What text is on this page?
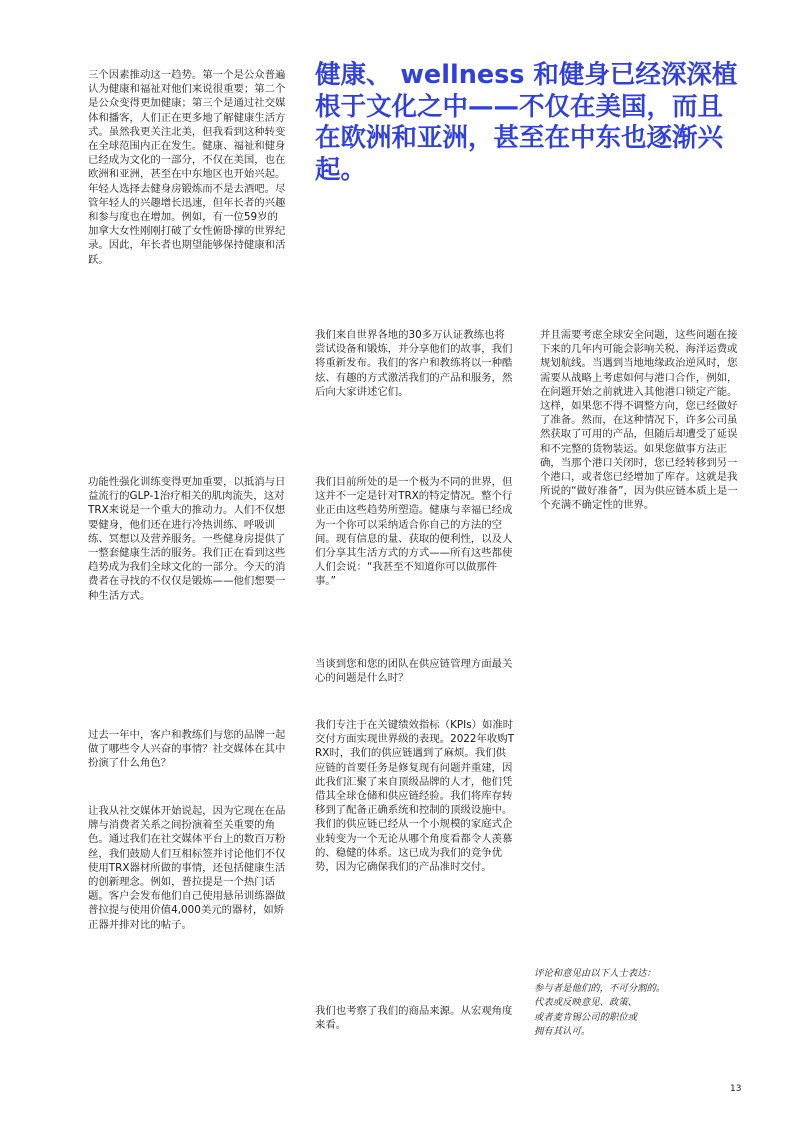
三个因素推动这一趋势。第一个是公众普遍认为健康和福祉对他们来说很重要；第二个是公众变得更加健康；第三个是通过社交媒体和播客，人们正在更多地了解健康生活方式。虽然我更关注北美，但我看到这种转变在全球范围内正在发生。健康、福祉和健身已经成为文化的一部分，不仅在美国，也在欧洲和亚洲，甚至在中东地区也开始兴起。年轻人选择去健身房锻炼而不是去酒吧。尽管年轻人的兴趣增长迅速，但年长者的兴趣和参与度也在增加。例如，有一位59岁的加拿大女性刚刚打破了女性俯卧撑的世界纪录。因此，年长者也期望能够保持健康和活跃。

功能性强化训练变得更加重要，以抵消与日益流行的GLP-1治疗相关的肌肉流失，这对TRX来说是一个重大的推动力。人们不仅想要健身，他们还在进行冷热训练、呼吸训练、冥想以及营养服务。一些健身房提供了一整套健康生活的服务。我们正在看到这些趋势成为我们全球文化的一部分。今天的消费者在寻找的不仅仅是锻炼——他们想要一种生活方式。

过去一年中，客户和教练们与您的品牌一起做了哪些令人兴奋的事情？社交媒体在其中扮演了什么角色？

让我从社交媒体开始说起，因为它现在在品牌与消费者关系之间扮演着至关重要的角色。通过我们在社交媒体平台上的数百万粉丝，我们鼓励人们互相标签并讨论他们不仅使用TRX器材所做的事情，还包括健康生活的创新理念。例如，普拉提是一个热门话题。客户会发布他们自己使用悬吊训练器做普拉提与使用价值4,000美元的器材，如矫正器并排对比的帖子。

健康、 wellness 和健身已经深深植根于文化之中——不仅在美国，而且在欧洲和亚洲，甚至在中东也逐渐兴起。

我们来自世界各地的30多万认证教练也将尝试设备和锻炼，并分享他们的故事，我们将重新发布。我们的客户和教练将以一种酷炫、有趣的方式激活我们的产品和服务，然后向大家讲述它们。

我们目前所处的是一个极为不同的世界，但这并不一定是针对TRX的特定情况。整个行业正由这些趋势所塑造。健康与幸福已经成为一个你可以采纳适合你自己的方法的空间。现有信息的量、获取的便利性，以及人们分享其生活方式的方式——所有这些都使人们会说：“我甚至不知道你可以做那件事。”

当谈到您和您的团队在供应链管理方面最关心的问题是什么时？

我们专注于在关键绩效指标（KPIs）如准时交付方面实现世界级的表现。2022年收购TRX时，我们的供应链遇到了麻烦。我们供应链的首要任务是修复现有问题并重建，因此我们汇聚了来自顶级品牌的人才，他们凭借其全球仓储和供应链经验。我们将库存转移到了配备正确系统和控制的顶级设施中。我们的供应链已经从一个小规模的家庭式企业转变为一个无论从哪个角度看都令人羡慕的、稳健的体系。这已成为我们的竞争优势，因为它确保我们的产品准时交付。

我们也考察了我们的商品来源。从宏观角度来看。

并且需要考虑全球安全问题，这些问题在接下来的几年内可能会影响关税、海洋运费或规划航线。当遇到当地地缘政治逆风时，您需要从战略上考虑如何与港口合作，例如，在问题开始之前就进入其他港口锁定产能。这样，如果您不得不调整方向，您已经做好了准备。然而，在这种情况下，许多公司虽然获取了可用的产品，但随后却遭受了延误和不完整的货物装运。如果您做事方法正确，当那个港口关闭时，您已经转移到另一个港口，或者您已经增加了库存。这就是我所说的“做好准备”，因为供应链本质上是一个充满不确定性的世界。

评论和意见由以下人士表达：
参与者是他们的，不可分割的。
代表或反映意见、政策、
或者麦肯锡公司的职位或
拥有其认可。
13
